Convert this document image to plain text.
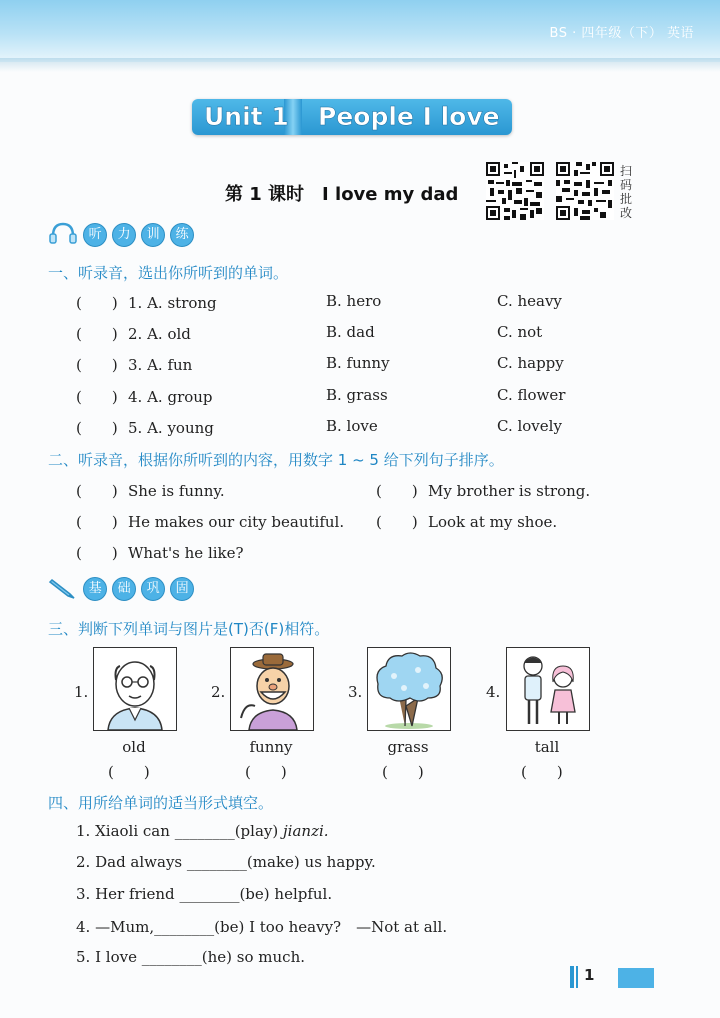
BS · 四年级（下） 英语
Unit 1 People I love
第 1 课时　I love my dad
扫码批改
听 力 训 练
一、听录音，选出你所听到的单词。
(　　) 1. A. strong	B. hero	C. heavy
(　　) 2. A. old	B. dad	C. not
(　　) 3. A. fun	B. funny	C. happy
(　　) 4. A. group	B. grass	C. flower
(　　) 5. A. young	B. love	C. lovely
二、听录音，根据你所听到的内容，用数字 1 ~ 5 给下列句子排序。
(　　) She is funny.	(　　) My brother is strong.
(　　) He makes our city beautiful. (　　) Look at my shoe.
(　　) What's he like?
基 础 巩 固
三、判断下列单词与图片是(T)否(F)相符。
1.
old
(　　)
2.
funny
(　　)
3.
grass
(　　)
4.
tall
(　　)
四、用所给单词的适当形式填空。
1. Xiaoli can ________(play) jianzi.
2. Dad always ________(make) us happy.
3. Her friend ________(be) helpful.
4. —Mum,________(be) I too heavy?　—Not at all.
5. I love ________(he) so much.
1
